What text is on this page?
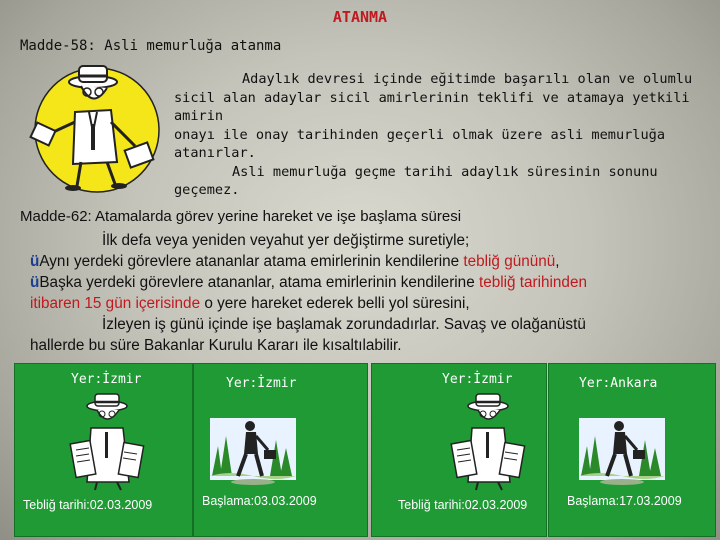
ATANMA
Madde-58: Asli memurluğa atanma
Adaylık devresi içinde eğitimde başarılı olan ve olumlu
sicil alan adaylar sicil amirlerinin teklifi ve atamaya yetkili amirin
onayı ile onay tarihinden geçerli olmak üzere asli memurluğa
atanırlar.
Asli memurluğa geçme tarihi adaylık süresinin sonunu
geçemez.
Madde-62: Atamalarda görev yerine hareket ve işe başlama süresi
İlk defa veya yeniden veyahut yer değiştirme suretiyle;
üAynı yerdeki görevlere atananlar atama emirlerinin kendilerine tebliğ gününü,
üBaşka yerdeki görevlere atananlar, atama emirlerinin kendilerine tebliğ tarihinden
itibaren 15 gün içerisinde o yere hareket ederek belli yol süresini,
İzleyen iş günü içinde işe başlamak zorundadırlar. Savaş ve olağanüstü
hallerde bu süre Bakanlar Kurulu Kararı ile kısaltılabilir.
Yer:İzmir
Tebliğ tarihi:02.03.2009
Yer:İzmir
Başlama:03.03.2009
Yer:İzmir
Tebliğ tarihi:02.03.2009
Yer:Ankara
Başlama:17.03.2009
